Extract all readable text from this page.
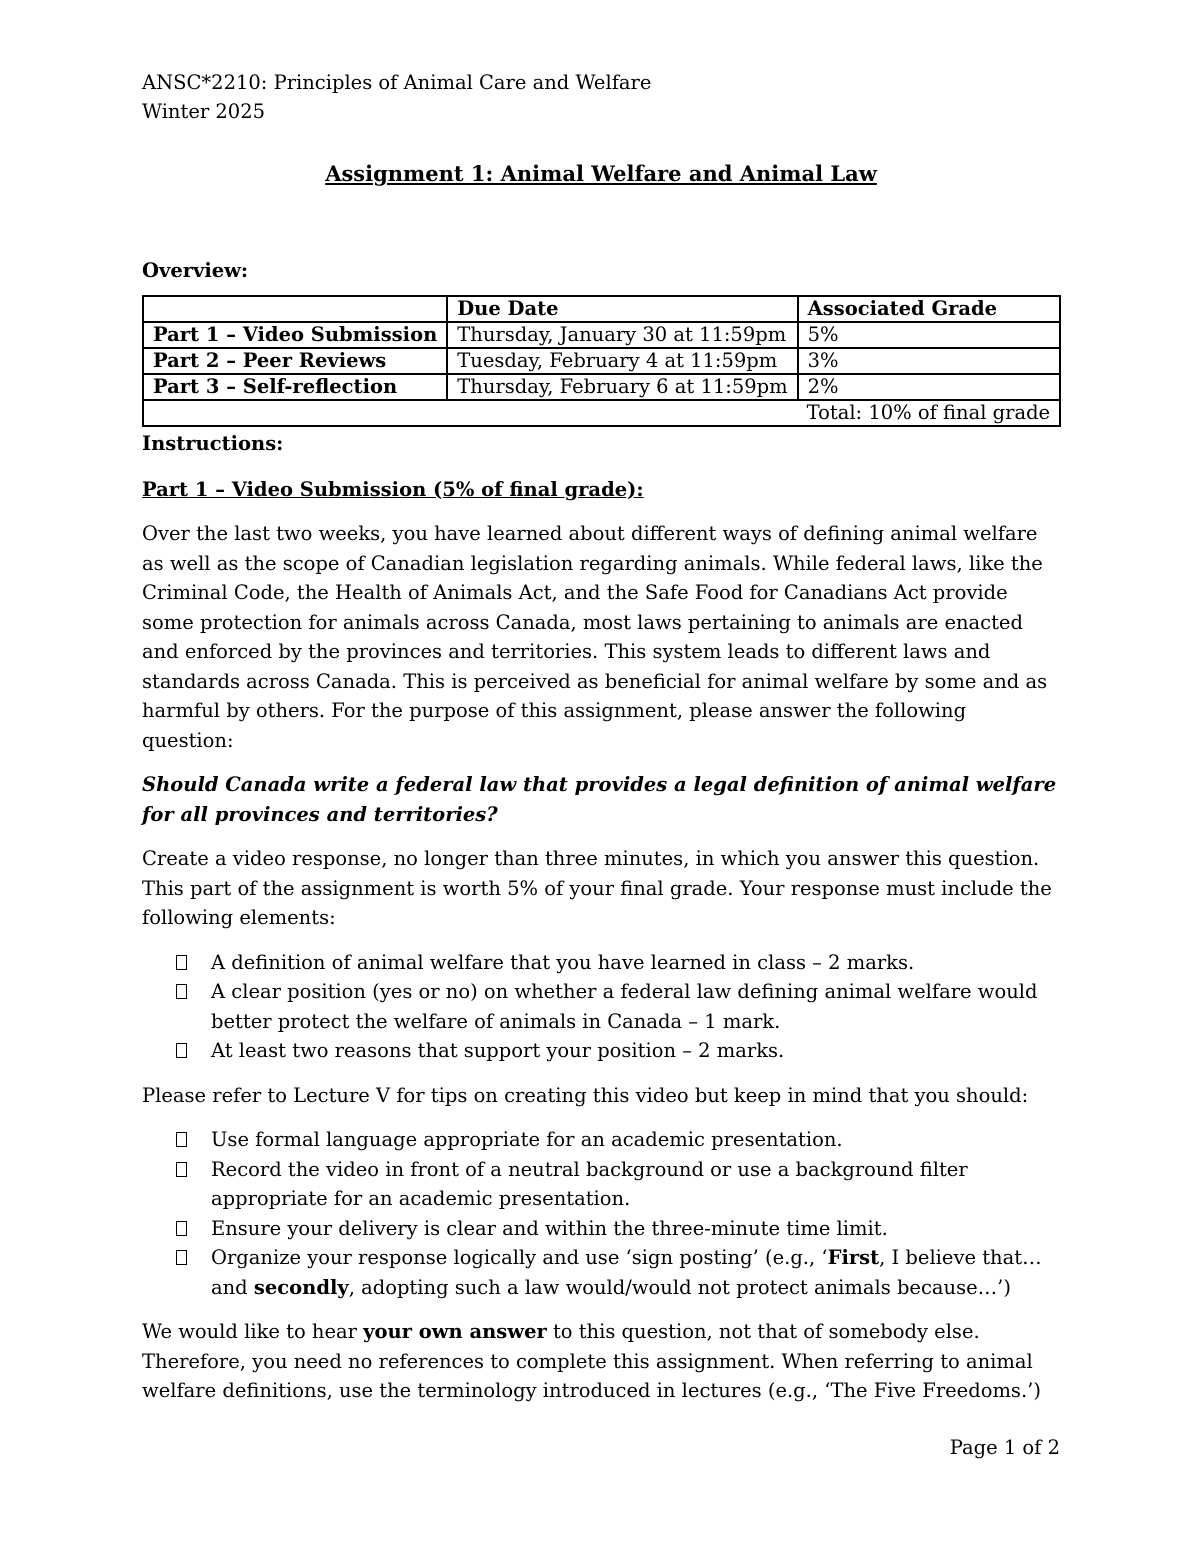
ANSC*2210: Principles of Animal Care and Welfare
Winter 2025
Assignment 1: Animal Welfare and Animal Law
Overview:
	Due Date	Associated Grade
Part 1 – Video Submission	Thursday, January 30 at 11:59pm	5%
Part 2 – Peer Reviews	Tuesday, February 4 at 11:59pm	3%
Part 3 – Self-reflection	Thursday, February 6 at 11:59pm	2%
		Total: 10% of final grade
Instructions:
Part 1 – Video Submission (5% of final grade):

Over the last two weeks, you have learned about different ways of defining animal welfare as well as the scope of Canadian legislation regarding animals. While federal laws, like the Criminal Code, the Health of Animals Act, and the Safe Food for Canadians Act provide some protection for animals across Canada, most laws pertaining to animals are enacted and enforced by the provinces and territories. This system leads to different laws and standards across Canada. This is perceived as beneficial for animal welfare by some and as harmful by others. For the purpose of this assignment, please answer the following question:

Should Canada write a federal law that provides a legal definition of animal welfare for all provinces and territories?

Create a video response, no longer than three minutes, in which you answer this question. This part of the assignment is worth 5% of your final grade. Your response must include the following elements:

A definition of animal welfare that you have learned in class – 2 marks.
A clear position (yes or no) on whether a federal law defining animal welfare would better protect the welfare of animals in Canada – 1 mark.
At least two reasons that support your position – 2 marks.

Please refer to Lecture V for tips on creating this video but keep in mind that you should:

Use formal language appropriate for an academic presentation.
Record the video in front of a neutral background or use a background filter appropriate for an academic presentation.
Ensure your delivery is clear and within the three-minute time limit.
Organize your response logically and use ‘sign posting’ (e.g., ‘First, I believe that…and secondly, adopting such a law would/would not protect animals because…’)

We would like to hear your own answer to this question, not that of somebody else. Therefore, you need no references to complete this assignment. When referring to animal welfare definitions, use the terminology introduced in lectures (e.g., ‘The Five Freedoms.’)

Page 1 of 2
